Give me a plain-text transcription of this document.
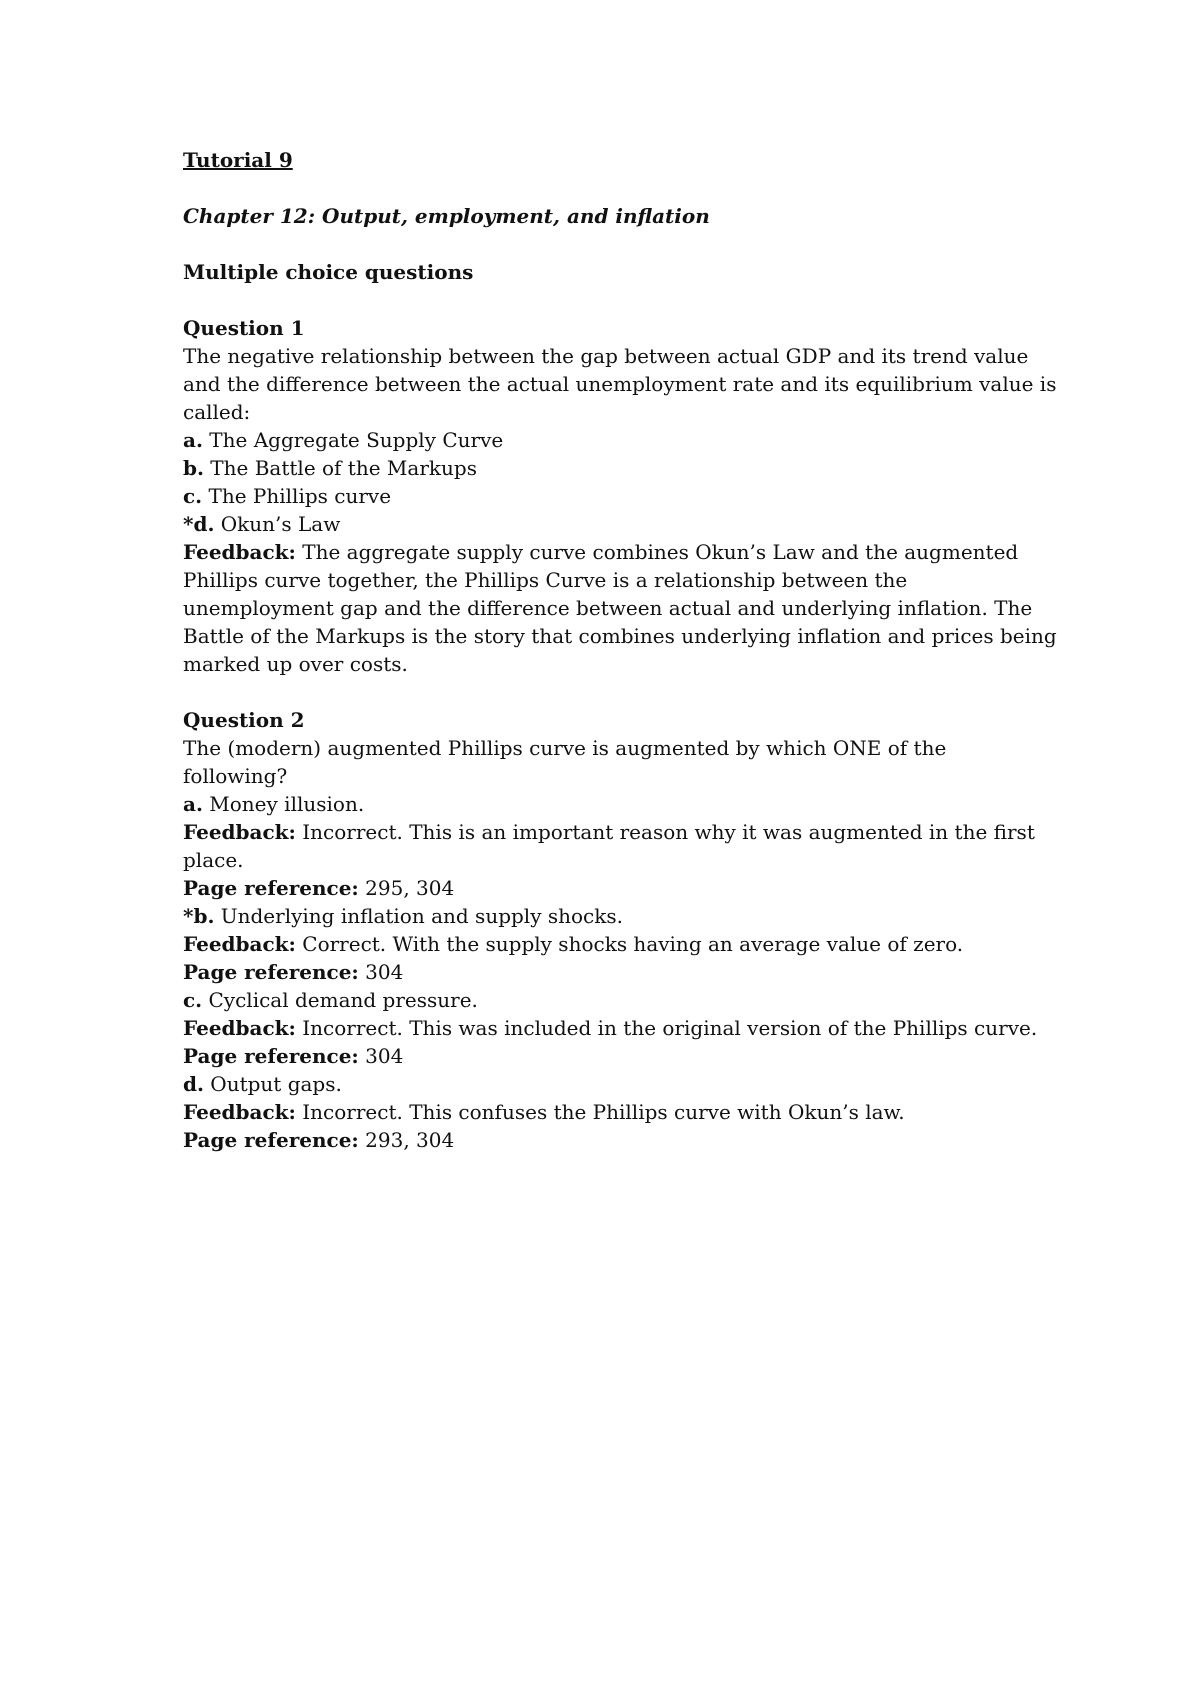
Tutorial 9

Chapter 12: Output, employment, and inflation

Multiple choice questions

Question 1

The negative relationship between the gap between actual GDP and its trend value

and the difference between the actual unemployment rate and its equilibrium value is

called:

a. The Aggregate Supply Curve

b. The Battle of the Markups

c. The Phillips curve

*d. Okun’s Law

Feedback: The aggregate supply curve combines Okun’s Law and the augmented

Phillips curve together, the Phillips Curve is a relationship between the

unemployment gap and the difference between actual and underlying inflation. The

Battle of the Markups is the story that combines underlying inflation and prices being

marked up over costs.

Question 2

The (modern) augmented Phillips curve is augmented by which ONE of the

following?

a. Money illusion.

Feedback: Incorrect. This is an important reason why it was augmented in the first

place.

Page reference: 295, 304

*b. Underlying inflation and supply shocks.

Feedback: Correct. With the supply shocks having an average value of zero.

Page reference: 304

c. Cyclical demand pressure.

Feedback: Incorrect. This was included in the original version of the Phillips curve.

Page reference: 304

d. Output gaps.

Feedback: Incorrect. This confuses the Phillips curve with Okun’s law.

Page reference: 293, 304
